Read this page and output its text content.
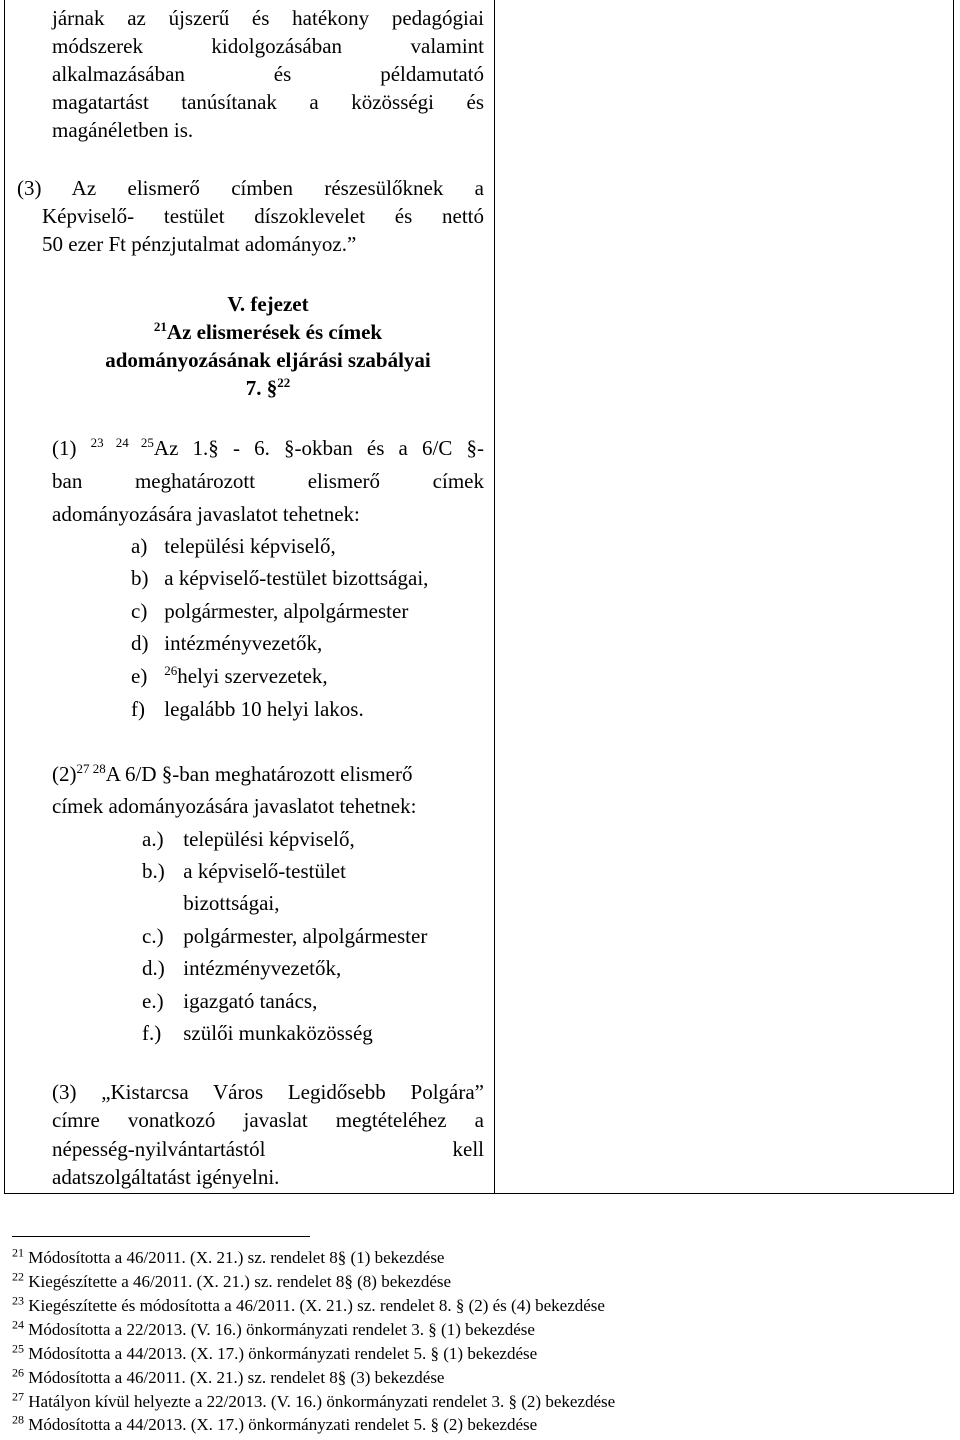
járnak az újszerű és hatékony pedagógiai
módszerek kidolgozásában valamint
alkalmazásában és példamutató
magatartást tanúsítanak a közösségi és
magánéletben is.
(3) Az elismerő címben részesülőknek a
Képviselő- testület díszoklevelet és nettó
50 ezer Ft pénzjutalmat adományoz.”
V. fejezet
$^{21}$Az elismerések és címek
adományozásának eljárási szabályai
7. §$^{22}$
(1) $^{23 24 25}$Az 1.§ - 6. §-okban és a 6/C §-
ban meghatározott elismerő címek
adományozására javaslatot tehetnek:
a) települési képviselő,
b) a képviselő-testület bizottságai,
c) polgármester, alpolgármester
d) intézményvezetők,
e) $^{26}$helyi szervezetek,
f) legalább 10 helyi lakos.
$(2)^{27 28}A$ 6/D §-ban meghatározott elismerő
címek adományozására javaslatot tehetnek:
a.) települési képviselő,
b.) a képviselő-testület
bizottságai,
c.) polgármester, alpolgármester
d.) intézményvezetők,
e.) igazgató tanács,
f.) szülői munkaközösség
(3) „Kistarcsa Város Legidősebb Polgára”
címre vonatkozó javaslat megtételéhez a
népesség-nyilvántartástól kell
adatszolgáltatást igényelni.
$^{21}$ Módosította a 46/2011. (X. 21.) sz. rendelet 8§ (1) bekezdése
$^{22}$ Kiegészítette a 46/2011. (X. 21.) sz. rendelet 8§ (8) bekezdése
$^{23}$ Kiegészítette és módosította a 46/2011. (X. 21.) sz. rendelet 8. § (2) és (4) bekezdése
$^{24}$ Módosította a 22/2013. (V. 16.) önkormányzati rendelet 3. § (1) bekezdése
$^{25}$ Módosította a 44/2013. (X. 17.) önkormányzati rendelet 5. § (1) bekezdése
$^{26}$ Módosította a 46/2011. (X. 21.) sz. rendelet 8§ (3) bekezdése
$^{27}$ Hatályon kívül helyezte a 22/2013. (V. 16.) önkormányzati rendelet 3. § (2) bekezdése
$^{28}$ Módosította a 44/2013. (X. 17.) önkormányzati rendelet 5. § (2) bekezdése
